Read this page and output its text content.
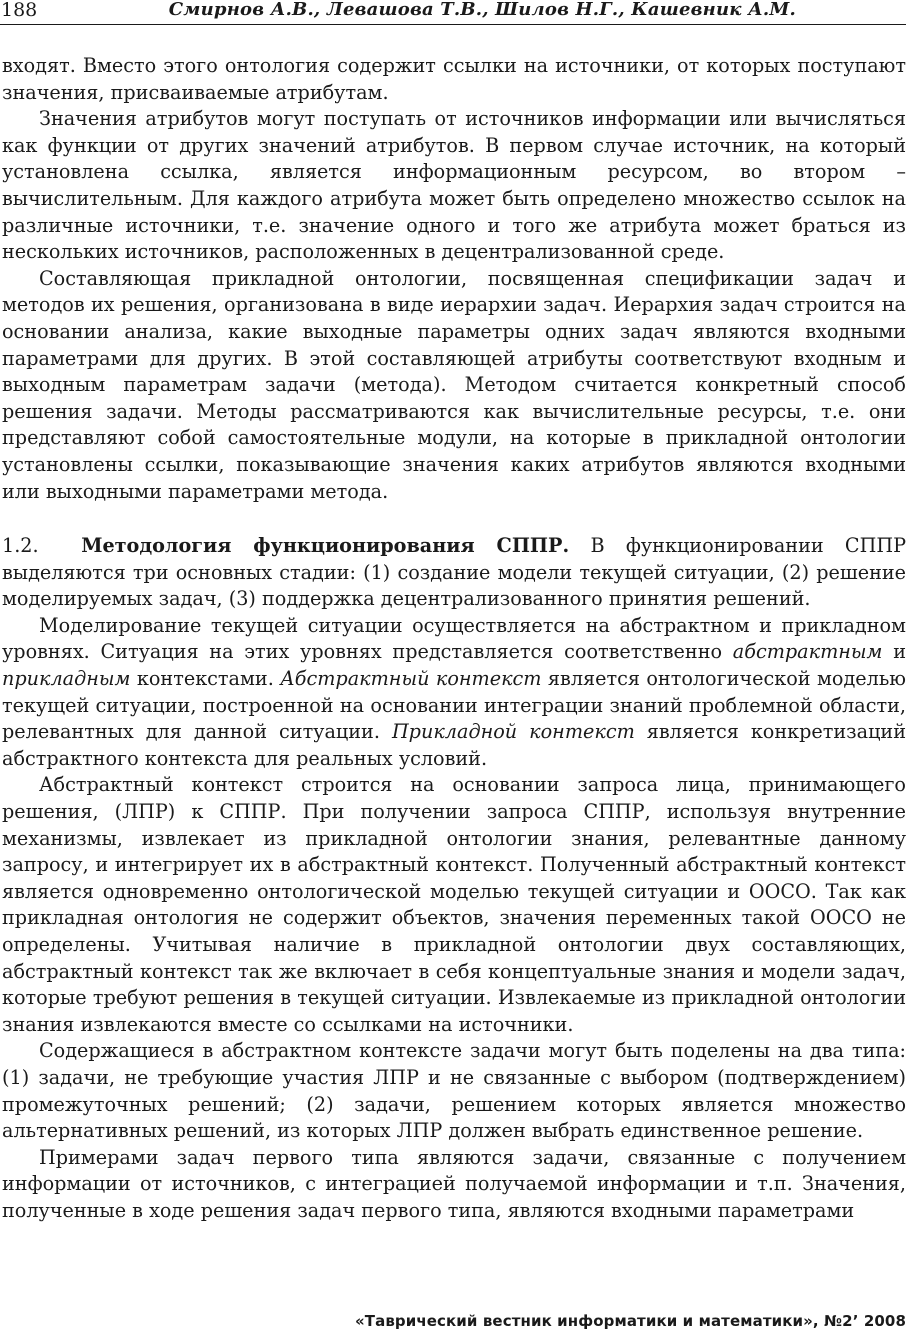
188	Смирнов А.В., Левашова Т.В., Шилов Н.Г., Кашевник А.М.

входят. Вместо этого онтология содержит ссылки на источники, от которых поступают значения, присваиваемые атрибутам.

Значения атрибутов могут поступать от источников информации или вычисляться как функции от других значений атрибутов. В первом случае источник, на который установлена ссылка, является информационным ресурсом, во втором – вычислительным. Для каждого атрибута может быть определено множество ссылок на различные источники, т.е. значение одного и того же атрибута может браться из нескольких источников, расположенных в децентрализованной среде.

Составляющая прикладной онтологии, посвященная спецификации задач и методов их решения, организована в виде иерархии задач. Иерархия задач строится на основании анализа, какие выходные параметры одних задач являются входными параметрами для других. В этой составляющей атрибуты соответствуют входным и выходным параметрам задачи (метода). Методом считается конкретный способ решения задачи. Методы рассматриваются как вычислительные ресурсы, т.е. они представляют собой самостоятельные модули, на которые в прикладной онтологии установлены ссылки, показывающие значения каких атрибутов являются входными или выходными параметрами метода.

1.2. Методология функционирования СППР. В функционировании СППР выделяются три основных стадии: (1) создание модели текущей ситуации, (2) решение моделируемых задач, (3) поддержка децентрализованного принятия решений.

Моделирование текущей ситуации осуществляется на абстрактном и прикладном уровнях. Ситуация на этих уровнях представляется соответственно абстрактным и прикладным контекстами. Абстрактный контекст является онтологической моделью текущей ситуации, построенной на основании интеграции знаний проблемной области, релевантных для данной ситуации. Прикладной контекст является конкретизаций абстрактного контекста для реальных условий.

Абстрактный контекст строится на основании запроса лица, принимающего решения, (ЛПР) к СППР. При получении запроса СППР, используя внутренние механизмы, извлекает из прикладной онтологии знания, релевантные данному запросу, и интегрирует их в абстрактный контекст. Полученный абстрактный контекст является одновременно онтологической моделью текущей ситуации и ООСО. Так как прикладная онтология не содержит объектов, значения переменных такой ООСО не определены. Учитывая наличие в прикладной онтологии двух составляющих, абстрактный контекст так же включает в себя концептуальные знания и модели задач, которые требуют решения в текущей ситуации. Извлекаемые из прикладной онтологии знания извлекаются вместе со ссылками на источники.

Содержащиеся в абстрактном контексте задачи могут быть поделены на два типа: (1) задачи, не требующие участия ЛПР и не связанные с выбором (подтверждением) промежуточных решений; (2) задачи, решением которых является множество альтернативных решений, из которых ЛПР должен выбрать единственное решение.

Примерами задач первого типа являются задачи, связанные с получением информации от источников, с интеграцией получаемой информации и т.п. Значения, полученные в ходе решения задач первого типа, являются входными параметрами

«Таврический вестник информатики и математики», №2’ 2008
